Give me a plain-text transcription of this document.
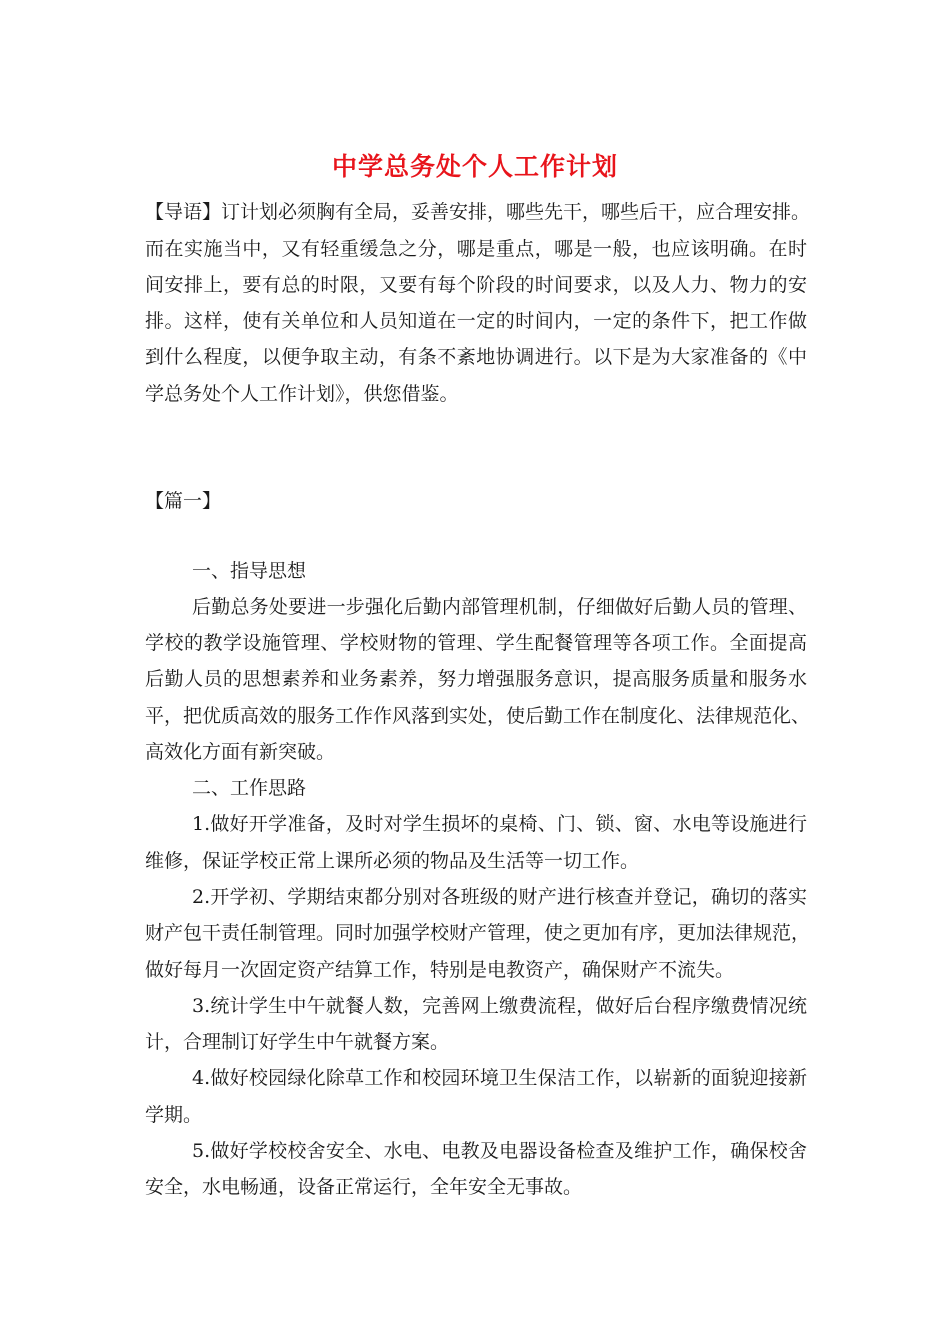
中学总务处个人工作计划
【导语】订计划必须胸有全局，妥善安排，哪些先干，哪些后干，应合理安排。
而在实施当中，又有轻重缓急之分，哪是重点，哪是一般，也应该明确。在时
间安排上，要有总的时限，又要有每个阶段的时间要求，以及人力、物力的安
排。这样，使有关单位和人员知道在一定的时间内，一定的条件下，把工作做
到什么程度，以便争取主动，有条不紊地协调进行。以下是为大家准备的《中
学总务处个人工作计划》，供您借鉴。
【篇一】
一、指导思想
后勤总务处要进一步强化后勤内部管理机制，仔细做好后勤人员的管理、
学校的教学设施管理、学校财物的管理、学生配餐管理等各项工作。全面提高
后勤人员的思想素养和业务素养，努力增强服务意识，提高服务质量和服务水
平，把优质高效的服务工作作风落到实处，使后勤工作在制度化、法律规范化、
高效化方面有新突破。
二、工作思路
1.做好开学准备，及时对学生损坏的桌椅、门、锁、窗、水电等设施进行
维修，保证学校正常上课所必须的物品及生活等一切工作。
2.开学初、学期结束都分别对各班级的财产进行核查并登记，确切的落实
财产包干责任制管理。同时加强学校财产管理，使之更加有序，更加法律规范，
做好每月一次固定资产结算工作，特别是电教资产，确保财产不流失。
3.统计学生中午就餐人数，完善网上缴费流程，做好后台程序缴费情况统
计，合理制订好学生中午就餐方案。
4.做好校园绿化除草工作和校园环境卫生保洁工作，以崭新的面貌迎接新
学期。
5.做好学校校舍安全、水电、电教及电器设备检查及维护工作，确保校舍
安全，水电畅通，设备正常运行，全年安全无事故。
